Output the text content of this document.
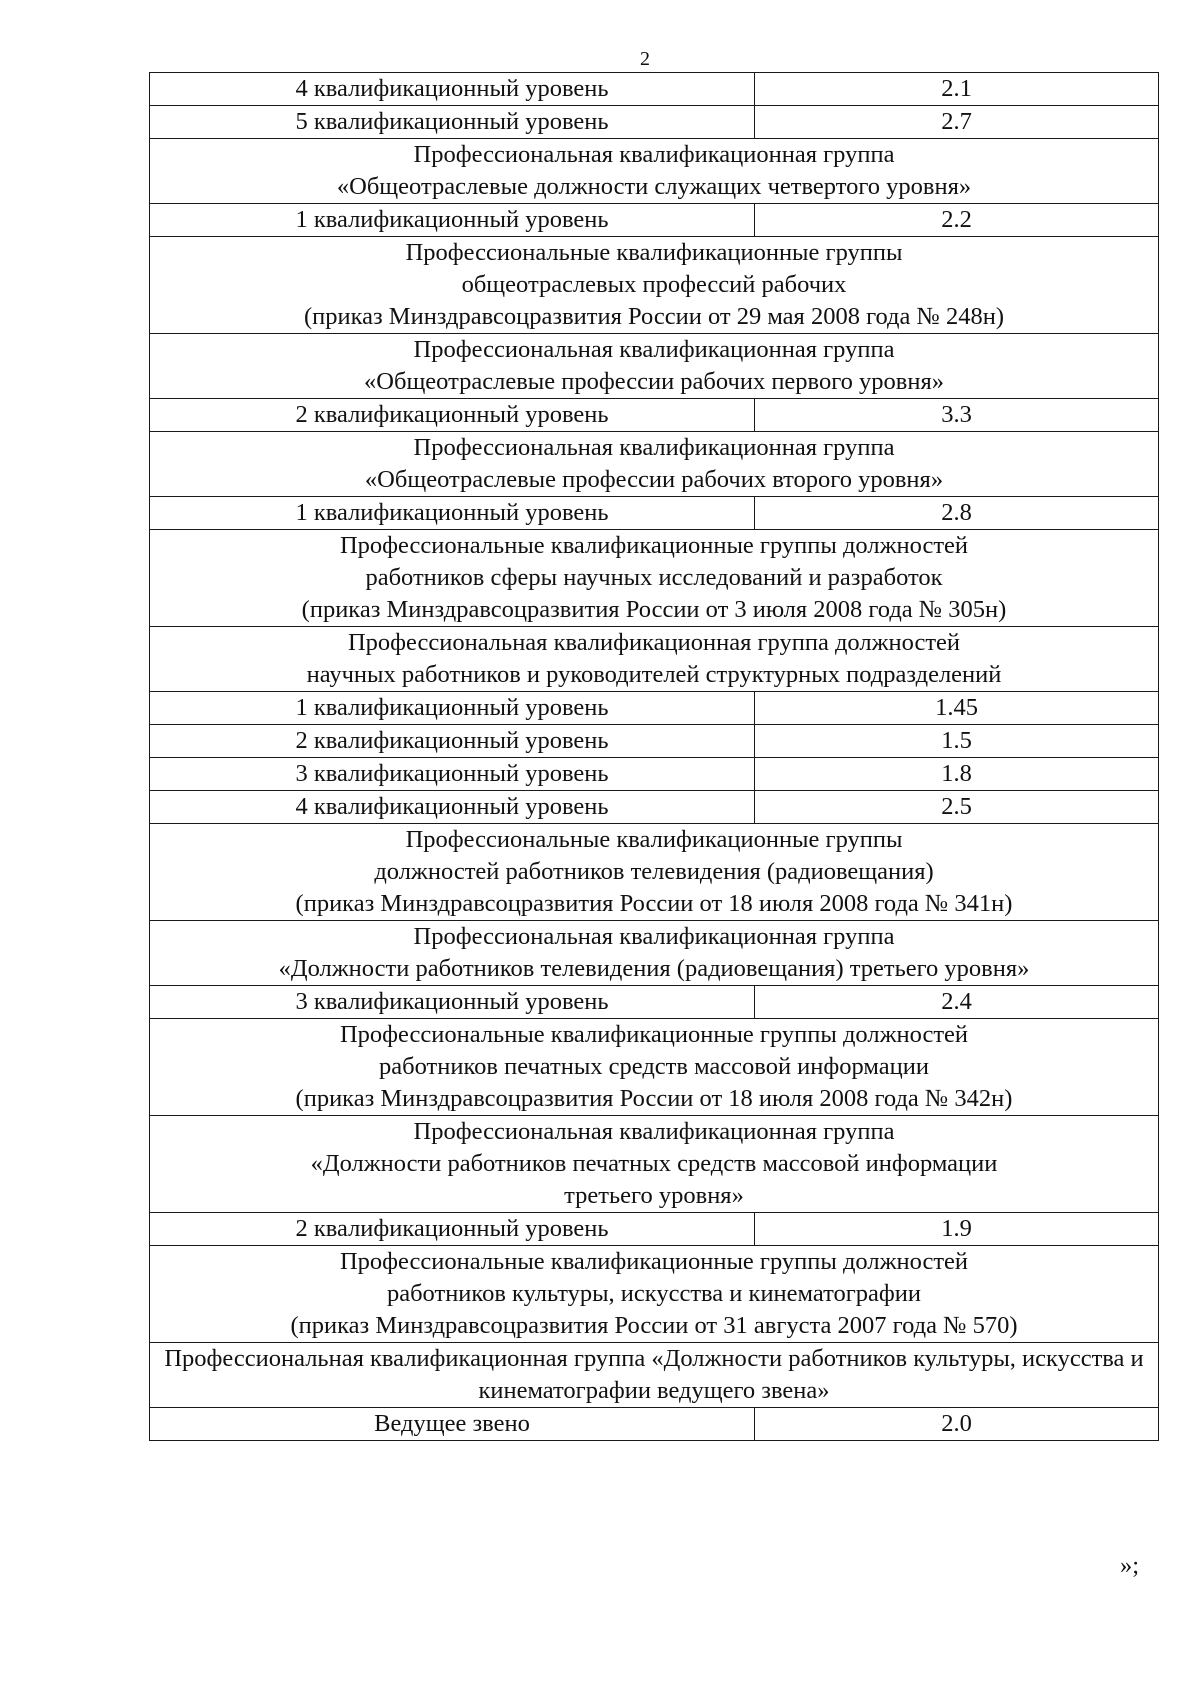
2
4 квалификационный уровень	2.1
5 квалификационный уровень	2.7
Профессиональная квалификационная группа
«Общеотраслевые должности служащих четвертого уровня»	
1 квалификационный уровень	2.2
Профессиональные квалификационные группы
общеотраслевых профессий рабочих
(приказ Минздравсоцразвития России от 29 мая 2008 года № 248н)	
Профессиональная квалификационная группа
«Общеотраслевые профессии рабочих первого уровня»	
2 квалификационный уровень	3.3
Профессиональная квалификационная группа
«Общеотраслевые профессии рабочих второго уровня»	
1 квалификационный уровень	2.8
Профессиональные квалификационные группы должностей
работников сферы научных исследований и разработок
(приказ Минздравсоцразвития России от 3 июля 2008 года № 305н)	
Профессиональная квалификационная группа должностей
научных работников и руководителей структурных подразделений	
1 квалификационный уровень	1.45
2 квалификационный уровень	1.5
3 квалификационный уровень	1.8
4 квалификационный уровень	2.5
Профессиональные квалификационные группы
должностей работников телевидения (радиовещания)
(приказ Минздравсоцразвития России от 18 июля 2008 года № 341н)	
Профессиональная квалификационная группа
«Должности работников телевидения (радиовещания) третьего уровня»	
3 квалификационный уровень	2.4
Профессиональные квалификационные группы должностей
работников печатных средств массовой информации
(приказ Минздравсоцразвития России от 18 июля 2008 года № 342н)	
Профессиональная квалификационная группа
«Должности работников печатных средств массовой информации
третьего уровня»	
2 квалификационный уровень	1.9
Профессиональные квалификационные группы должностей
работников культуры, искусства и кинематографии
(приказ Минздравсоцразвития России от 31 августа 2007 года № 570)	
Профессиональная квалификационная группа «Должности работников культуры, искусства и кинематографии ведущего звена»	
Ведущее звено	2.0
»;
